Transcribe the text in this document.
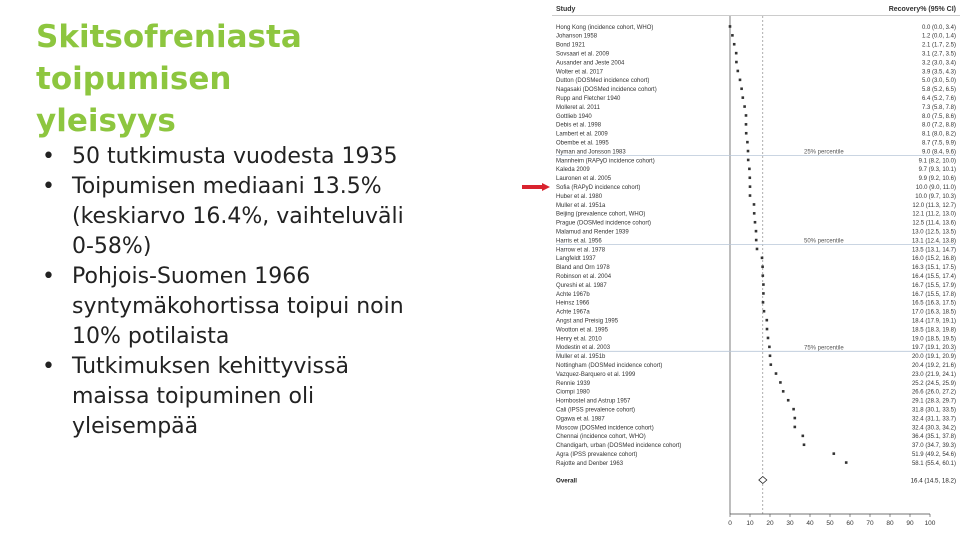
Skitsofreniasta toipumisen
yleisyys
• 50 tutkimusta vuodesta 1935
• Toipumisen mediaani 13.5%
(keskiarvo 16.4%, vaihteluväli
0-58%)
• Pohjois-Suomen 1966
syntymäkohortissa toipui noin
10% potilaista
• Tutkimuksen kehittyvissä
maissa toipuminen oli
yleisempää
Study	Recovery% (95% CI)
Hong Kong (incidence cohort, WHO)	0.0 (0.0, 3.4)
Johanson 1958	1.2 (0.0, 1.4)
Bond 1921	2.1 (1.7, 2.5)
Sovsaari et al. 2009	3.1 (2.7, 3.5)
Ausander and Jeste 2004	3.2 (3.0, 3.4)
Wolter et al. 2017	3.9 (3.5, 4.3)
Dutton (DOSMed incidence cohort)	5.0 (3.0, 5.0)
Nagasaki (DOSMed incidence cohort)	5.8 (5.2, 6.5)
Rupp and Fletcher 1940	6.4 (5.2, 7.6)
Molleret al. 2011	7.3 (5.8, 7.8)
Gottlieb 1940	8.0 (7.5, 8.6)
Debis et al. 1998	8.0 (7.2, 8.8)
Lambert et al. 2009	8.1 (8.0, 8.2)
Obembe et al. 1995	8.7 (7.5, 9.9)
Nyman and Jonsson 1983	9.0 (8.4, 9.6)
Mannheim (RAPyD incidence cohort)	9.1 (8.2, 10.0)
Kaleda 2009	9.7 (9.3, 10.1)
Lauronen et al. 2005	9.9 (9.2, 10.6)
Sofia (RAPyD incidence cohort)	10.0 (9.0, 11.0)
Huber et al. 1980	10.0 (9.7, 10.3)
Muller et al. 1951a	12.0 (11.3, 12.7)
Beijing (prevalence cohort, WHO)	12.1 (11.2, 13.0)
Prague (DOSMed incidence cohort)	12.5 (11.4, 13.6)
Malamud and Render 1939	13.0 (12.5, 13.5)
Harris et al. 1956	13.1 (12.4, 13.8)
Harrow et al. 1978	13.5 (13.1, 14.7)
Langfeldt 1937	16.0 (15.2, 16.8)
Bland and Orn 1978	16.3 (15.1, 17.5)
Robinson et al. 2004	16.4 (15.5, 17.4)
Qureshi et al. 1987	16.7 (15.5, 17.9)
Achte 1967b	16.7 (15.5, 17.8)
Heinsz 1966	16.5 (16.3, 17.5)
Achte 1967a	17.0 (16.3, 18.5)
Angst and Preisig 1995	18.4 (17.9, 19.1)
Wootton et al. 1995	18.5 (18.3, 19.8)
Henry et al. 2010	19.0 (18.5, 19.5)
Modestin et al. 2003	19.7 (19.1, 20.3)
Muller et al. 1951b	20.0 (19.1, 20.9)
Nottingham (DOSMed incidence cohort)	20.4 (19.2, 21.6)
Vazquez-Barquero et al. 1999	23.0 (21.9, 24.1)
Rennie 1939	25.2 (24.5, 25.9)
Ciompi 1980	26.6 (26.0, 27.2)
Hornbostel and Astrup 1957	29.1 (28.3, 29.7)
Cali (IPSS prevalence cohort)	31.8 (30.1, 33.5)
Ogawa et al. 1987	32.4 (31.1, 33.7)
Moscow (DOSMed incidence cohort)	32.4 (30.3, 34.2)
Chennai (incidence cohort, WHO)	36.4 (35.1, 37.8)
Chandigarh, urban (DOSMed incidence cohort)	37.0 (34.7, 39.3)
Agra (IPSS prevalence cohort)	51.9 (49.2, 54.6)
Rajotte and Denber 1963	58.1 (55.4, 60.1)
25% percentile
50% percentile
75% percentile
Overall	16.4 (14.5, 18.2)
0 10 20 30 40 50 60 70 80 90 100
